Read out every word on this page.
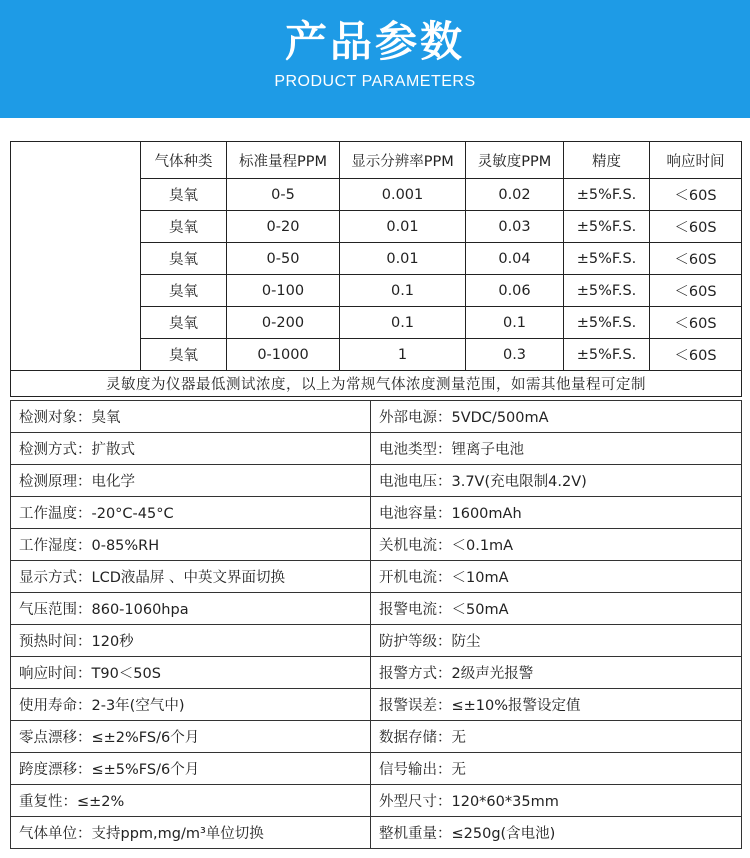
产品参数
PRODUCT PARAMETERS
	气体种类	标准量程PPM	显示分辨率PPM	灵敏度PPM	精度	响应时间
	臭氧	0-5	0.001	0.02	±5%F.S.	＜60S
	臭氧	0-20	0.01	0.03	±5%F.S.	＜60S
	臭氧	0-50	0.01	0.04	±5%F.S.	＜60S
	臭氧	0-100	0.1	0.06	±5%F.S.	＜60S
	臭氧	0-200	0.1	0.1	±5%F.S.	＜60S
	臭氧	0-1000	1	0.3	±5%F.S.	＜60S
灵敏度为仪器最低测试浓度，以上为常规气体浓度测量范围，如需其他量程可定制						
检测对象：臭氧	外部电源：5VDC/500mA
检测方式：扩散式	电池类型：锂离子电池
检测原理：电化学	电池电压：3.7V(充电限制4.2V)
工作温度：-20°C-45°C	电池容量：1600mAh
工作湿度：0-85%RH	关机电流：＜0.1mA
显示方式：LCD液晶屏 、中英文界面切换	开机电流：＜10mA
气压范围：860-1060hpa	报警电流：＜50mA
预热时间：120秒	防护等级：防尘
响应时间：T90＜50S	报警方式：2级声光报警
使用寿命：2-3年(空气中)	报警误差：≤±10%报警设定值
零点漂移：≤±2%FS/6个月	数据存储：无
跨度漂移：≤±5%FS/6个月	信号输出：无
重复性：≤±2%	外型尺寸：120*60*35mm
气体单位：支持ppm,mg/m³单位切换	整机重量：≤250g(含电池)
